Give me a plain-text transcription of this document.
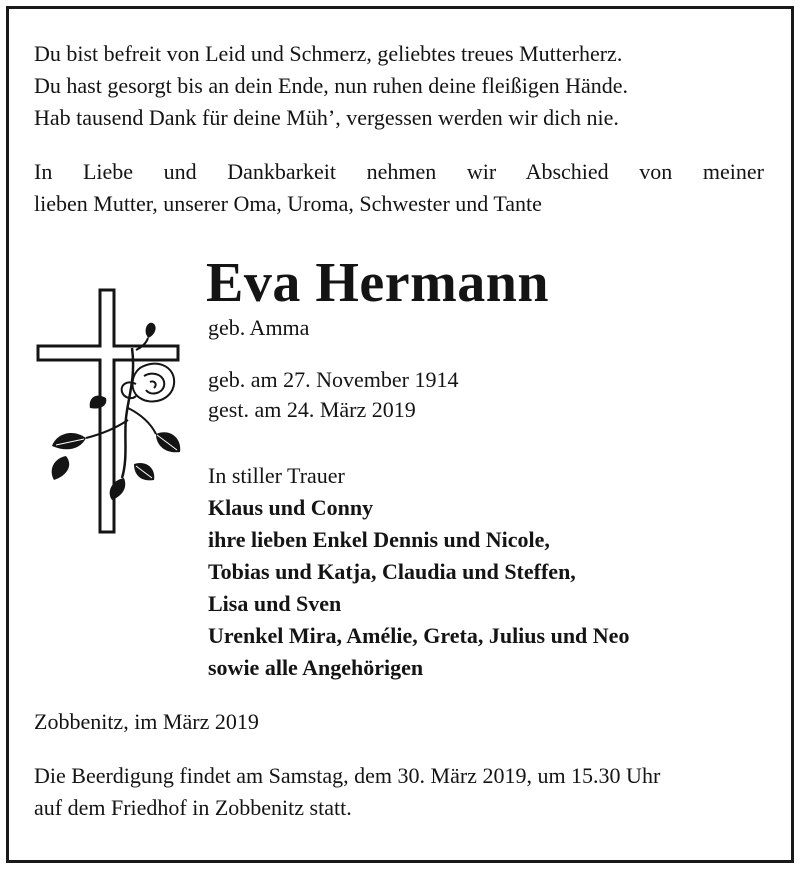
Du bist befreit von Leid und Schmerz, geliebtes treues Mutterherz.
Du hast gesorgt bis an dein Ende, nun ruhen deine fleißigen Hände.
Hab tausend Dank für deine Müh’, vergessen werden wir dich nie.
In Liebe und Dankbarkeit nehmen wir Abschied von meiner
lieben Mutter, unserer Oma, Uroma, Schwester und Tante
Eva Hermann
geb. Amma
geb. am 27. November 1914
gest. am 24. März 2019
In stiller Trauer
Klaus und Conny
ihre lieben Enkel Dennis und Nicole,
Tobias und Katja, Claudia und Steffen,
Lisa und Sven
Urenkel Mira, Amélie, Greta, Julius und Neo
sowie alle Angehörigen
Zobbenitz, im März 2019
Die Beerdigung findet am Samstag, dem 30. März 2019, um 15.30 Uhr
auf dem Friedhof in Zobbenitz statt.
